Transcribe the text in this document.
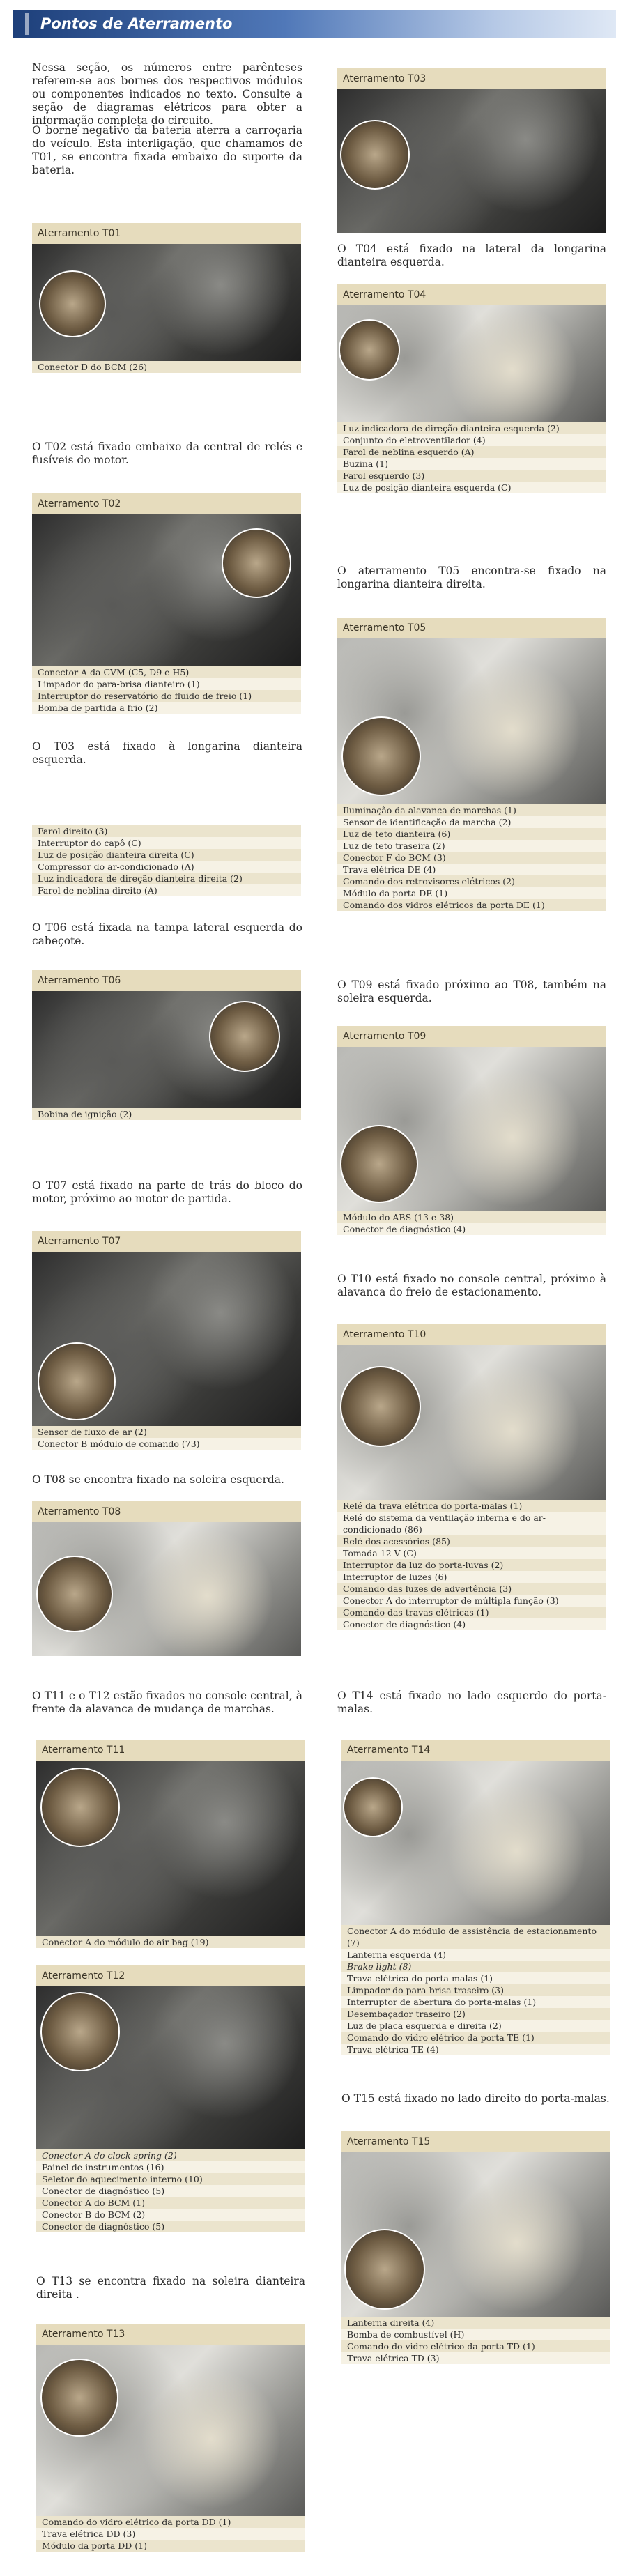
Pontos de Aterramento

Nessa seção, os números entre parênteses referem-se aos bornes dos respectivos módulos ou componentes indicados no texto. Consulte a seção de diagramas elétricos para obter a informação completa do circuito.

O borne negativo da bateria aterra a carroçaria do veículo. Esta interligação, que chamamos de T01, se encontra fixada embaixo do suporte da bateria.

Aterramento T01
Conector D do BCM (26)

O T02 está fixado embaixo da central de relés e fusíveis do motor.

Aterramento T02
Conector A da CVM (C5, D9 e H5)
Limpador do para-brisa dianteiro (1)
Interruptor do reservatório do fluido de freio (1)
Bomba de partida a frio (2)

O T03 está fixado à longarina dianteira esquerda.

Farol direito (3)
Interruptor do capô (C)
Luz de posição dianteira direita (C)
Compressor do ar-condicionado (A)
Luz indicadora de direção dianteira direita (2)
Farol de neblina direito (A)

O T06 está fixada na tampa lateral esquerda do cabeçote.

Aterramento T06
Bobina de ignição (2)

O T07 está fixado na parte de trás do bloco do motor, próximo ao motor de partida.

Aterramento T07
Sensor de fluxo de ar (2)
Conector B módulo de comando (73)

O T08 se encontra fixado na soleira esquerda.

Aterramento T08

O T11 e o T12 estão fixados no console central, à frente da alavanca de mudança de marchas.

Aterramento T11
Conector A do módulo do air bag (19)
Aterramento T12
Conector A do clock spring (2)
Painel de instrumentos (16)
Seletor do aquecimento interno (10)
Conector de diagnóstico (5)
Conector A do BCM (1)
Conector B do BCM (2)
Conector de diagnóstico (5)

O T13 se encontra fixado na soleira dianteira direita .

Aterramento T13
Comando do vidro elétrico da porta DD (1)
Trava elétrica DD (3)
Módulo da porta DD (1)
Aterramento T03

O T04 está fixado na lateral da longarina dianteira esquerda.

Aterramento T04
Luz indicadora de direção dianteira esquerda (2)
Conjunto do eletroventilador (4)
Farol de neblina esquerdo (A)
Buzina (1)
Farol esquerdo (3)
Luz de posição dianteira esquerda (C)

O aterramento T05 encontra-se fixado na longarina dianteira direita.

Aterramento T05
Iluminação da alavanca de marchas (1)
Sensor de identificação da marcha (2)
Luz de teto dianteira (6)
Luz de teto traseira (2)
Conector F do BCM (3)
Trava elétrica DE (4)
Comando dos retrovisores elétricos (2)
Módulo da porta DE (1)
Comando dos vidros elétricos da porta DE (1)

O T09 está fixado próximo ao T08, também na soleira esquerda.

Aterramento T09
Módulo do ABS (13 e 38)
Conector de diagnóstico (4)

O T10 está fixado no console central, próximo à alavanca do freio de estacionamento.

Aterramento T10
Relé da trava elétrica do porta-malas (1)
Relé do sistema da ventilação interna e do ar-condicionado (86)
Relé dos acessórios (85)
Tomada 12 V (C)
Interruptor da luz do porta-luvas (2)
Interruptor de luzes (6)
Comando das luzes de advertência (3)
Conector A do interruptor de múltipla função (3)
Comando das travas elétricas (1)
Conector de diagnóstico (4)

O T14 está fixado no lado esquerdo do porta-malas.

Aterramento T14
Conector A do módulo de assistência de estacionamento (7)
Lanterna esquerda (4)
Brake light (8)
Trava elétrica do porta-malas (1)
Limpador do para-brisa traseiro (3)
Interruptor de abertura do porta-malas (1)
Desembaçador traseiro (2)
Luz de placa esquerda e direita (2)
Comando do vidro elétrico da porta TE (1)
Trava elétrica TE (4)

O T15 está fixado no lado direito do porta-malas.

Aterramento T15
Lanterna direita (4)
Bomba de combustível (H)
Comando do vidro elétrico da porta TD (1)
Trava elétrica TD (3)
